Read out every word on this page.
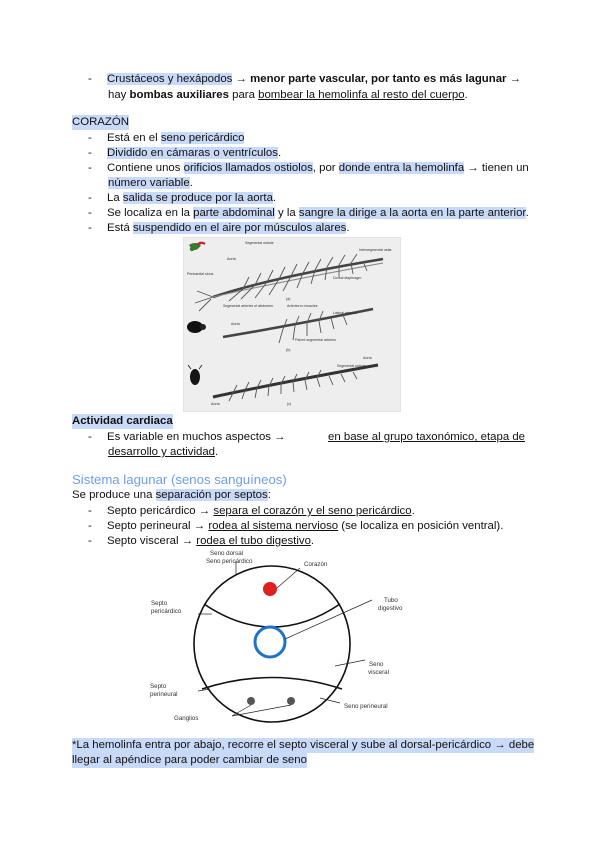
- Crustáceos y hexápodos → menor parte vascular, por tanto es más lagunar →
hay bombas auxiliares para bombear la hemolinfa al resto del cuerpo.
CORAZÓN
- Está en el seno pericárdico
- Dividido en cámaras o ventrículos.
- Contiene unos orificios llamados ostiolos, por donde entra la hemolinfa → tienen un
número variable.
- La salida se produce por la aorta.
- Se localiza en la parte abdominal y la sangre la dirige a la aorta en la parte anterior.
- Está suspendido en el aire por músculos alares.
Segmental ostiole
Aorta
Pericardial sinus
Intersegmental ostia
Arteries to muscles
Segmental arteries of abdomen
Dorsal diaphragm
(a)
Lateral arteries
Aorta
Paired segmental arteries
(b)
Aorta
Segmental ostiole
Aorta	(c)
Actividad cardiaca
- Es variable en muchos aspectos →	en base al grupo taxonómico, etapa de
desarrollo y actividad.
Sistema lagunar (senos sanguíneos)
Se produce una separación por septos:
- Septo pericárdico → separa el corazón y el seno pericárdico.
- Septo perineural → rodea al sistema nervioso (se localiza en posición ventral).
- Septo visceral → rodea el tubo digestivo.
Seno dorsal
Seno pericárdico	Corazón
Septo
pericárdico
Tubo
digestivo
Seno
visceral
Septo
perineural
Seno perineural
Ganglios
*La hemolinfa entra por abajo, recorre el septo visceral y sube al dorsal-pericárdico → debe
llegar al apéndice para poder cambiar de seno
